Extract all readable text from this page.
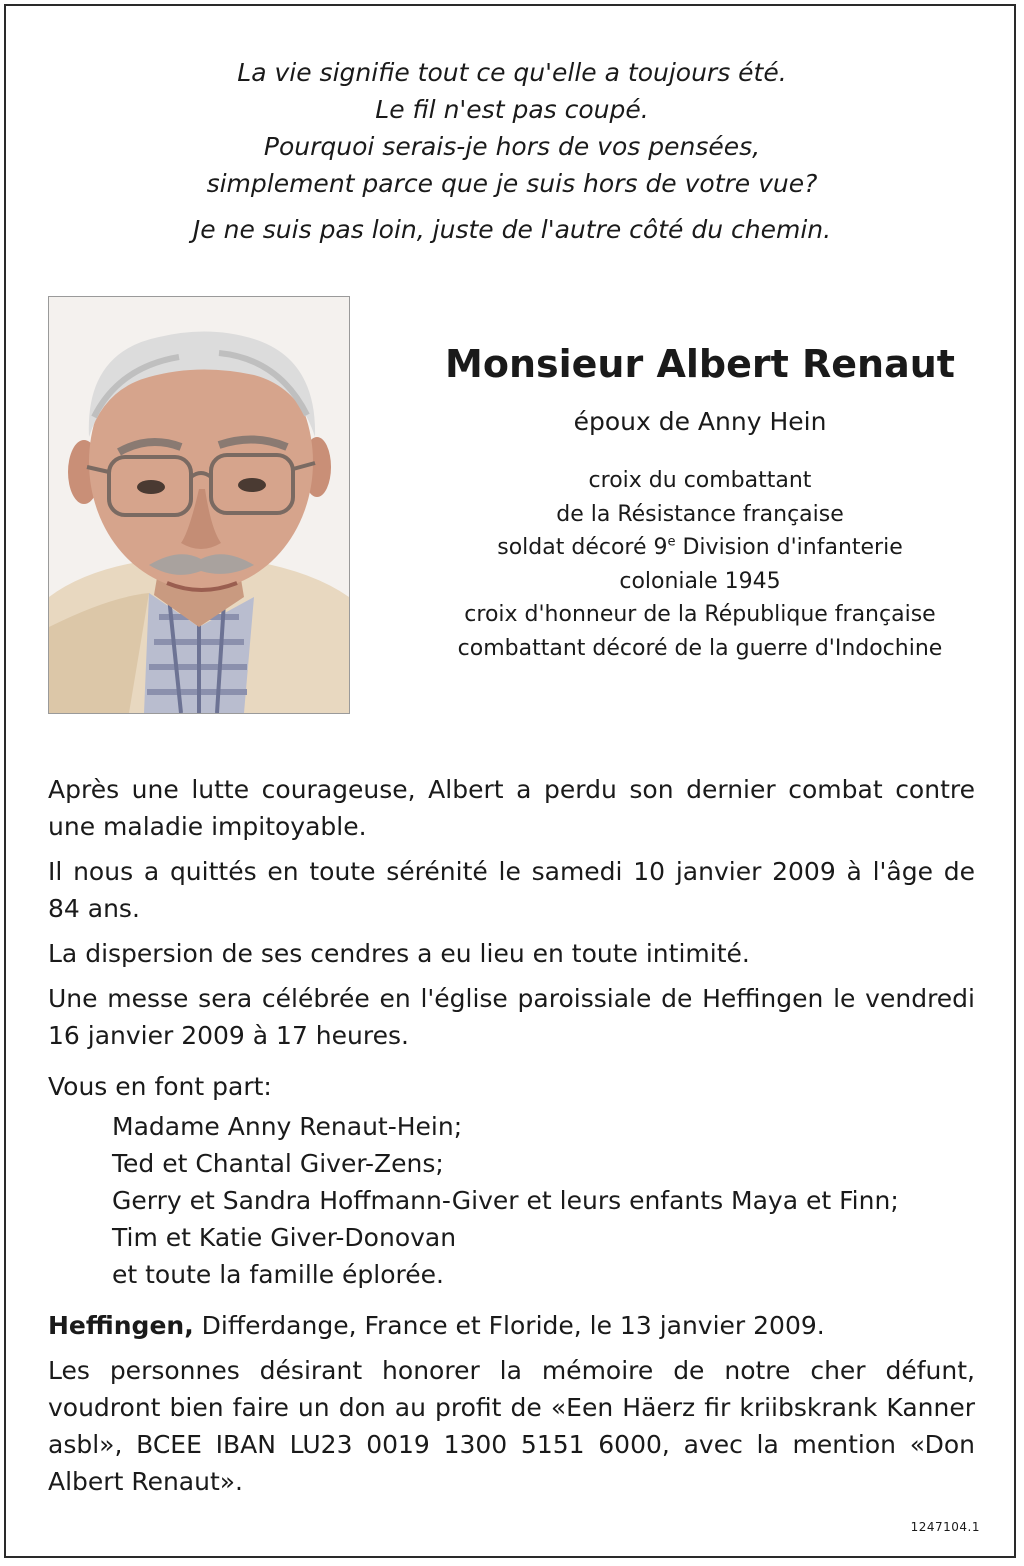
La vie signifie tout ce qu'elle a toujours été.
Le fil n'est pas coupé.
Pourquoi serais-je hors de vos pensées,
simplement parce que je suis hors de votre vue?
Je ne suis pas loin, juste de l'autre côté du chemin.
Monsieur Albert Renaut
époux de Anny Hein
croix du combattant
de la Résistance française
soldat décoré 9e Division d'infanterie
coloniale 1945
croix d'honneur de la République française
combattant décoré de la guerre d'Indochine

Après une lutte courageuse, Albert a perdu son dernier combat contre une maladie impitoyable.

Il nous a quittés en toute sérénité le samedi 10 janvier 2009 à l'âge de 84 ans.

La dispersion de ses cendres a eu lieu en toute intimité.

Une messe sera célébrée en l'église paroissiale de Heffingen le vendredi 16 janvier 2009 à 17 heures.

Vous en font part:

Madame Anny Renaut-Hein;
Ted et Chantal Giver-Zens;
Gerry et Sandra Hoffmann-Giver et leurs enfants Maya et Finn;
Tim et Katie Giver-Donovan
et toute la famille éplorée.

Heffingen, Differdange, France et Floride, le 13 janvier 2009.

Les personnes désirant honorer la mémoire de notre cher défunt, voudront bien faire un don au profit de «Een Häerz fir kriibskrank Kanner asbl», BCEE IBAN LU23 0019 1300 5151 6000, avec la mention «Don Albert Renaut».

1247104.1
